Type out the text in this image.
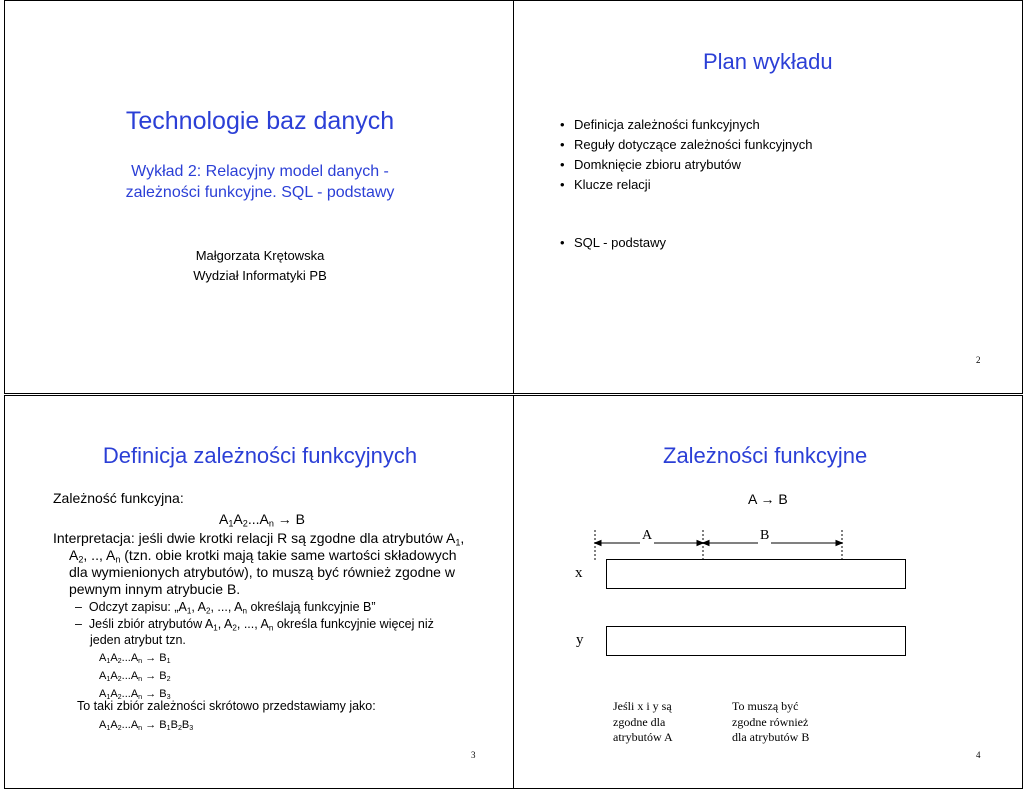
Technologie baz danych
Wykład 2: Relacyjny model danych -
zależności funkcyjne. SQL - podstawy
Małgorzata Krętowska
Wydział Informatyki PB
Plan wykładu
• Definicja zależności funkcyjnych
• Reguły dotyczące zależności funkcyjnych
• Domknięcie zbioru atrybutów
• Klucze relacji
• SQL - podstawy
2
Definicja zależności funkcyjnych
Zależność funkcyjna:
$A_1A_2...A_n \to B$
Interpretacja: jeśli dwie krotki relacji R są zgodne dla atrybutów $A_1$,
$A_2$, .., $A_n$ (tzn. obie krotki mają takie same wartości składowych
dla wymienionych atrybutów), to muszą być również zgodne w
pewnym innym atrybucie B.
–  Odczyt zapisu: $„A_1$, $A_2$, ..., $A_n$ określają funkcyjnie B”
–  Jeśli zbiór atrybutów $A_1$, $A_2$, ..., $A_n$ określa funkcyjnie więcej niż
jeden atrybut tzn.
$A_1A_2...A_n \to B_1$
$A_1A_2...A_n \to B_2$
$A_1A_2...A_n \to B_3$
To taki zbiór zależności skrótowo przedstawiamy jako:
$A_1A_2...A_n \to B_1B_2B_3$
3
Zależności funkcyjne
A → B
A	B
x
y
Jeśli x i y są
zgodne dla
atrybutów A
To muszą być
zgodne również
dla atrybutów B
4
